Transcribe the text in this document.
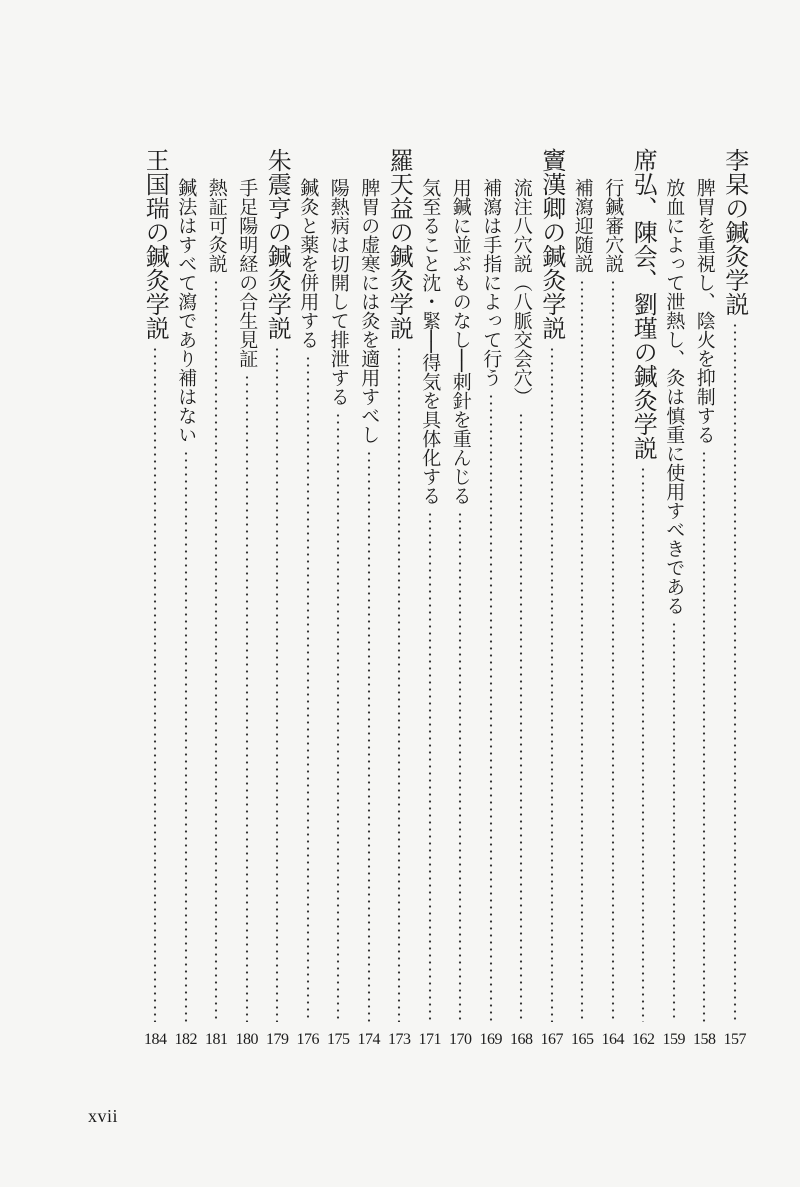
李杲の鍼灸学説
157
脾胃を重視し、陰火を抑制する
158
放血によって泄熱し、灸は慎重に使用すべきである
159
席弘、陳会、劉瑾の鍼灸学説
162
行鍼審穴説
164
補瀉迎随説
165
竇漢卿の鍼灸学説
167
流注八穴説（八脈交会穴）
168
補瀉は手指によって行う
169
用鍼に並ぶものなし──刺針を重んじる
170
気至ること沈・緊──得気を具体化する
171
羅天益の鍼灸学説
173
脾胃の虚寒には灸を適用すべし
174
陽熱病は切開して排泄する
175
鍼灸と薬を併用する
176
朱震亨の鍼灸学説
179
手足陽明経の合生見証
180
熱証可灸説
181
鍼法はすべて瀉であり補はない
182
王国瑞の鍼灸学説
184
xvii
